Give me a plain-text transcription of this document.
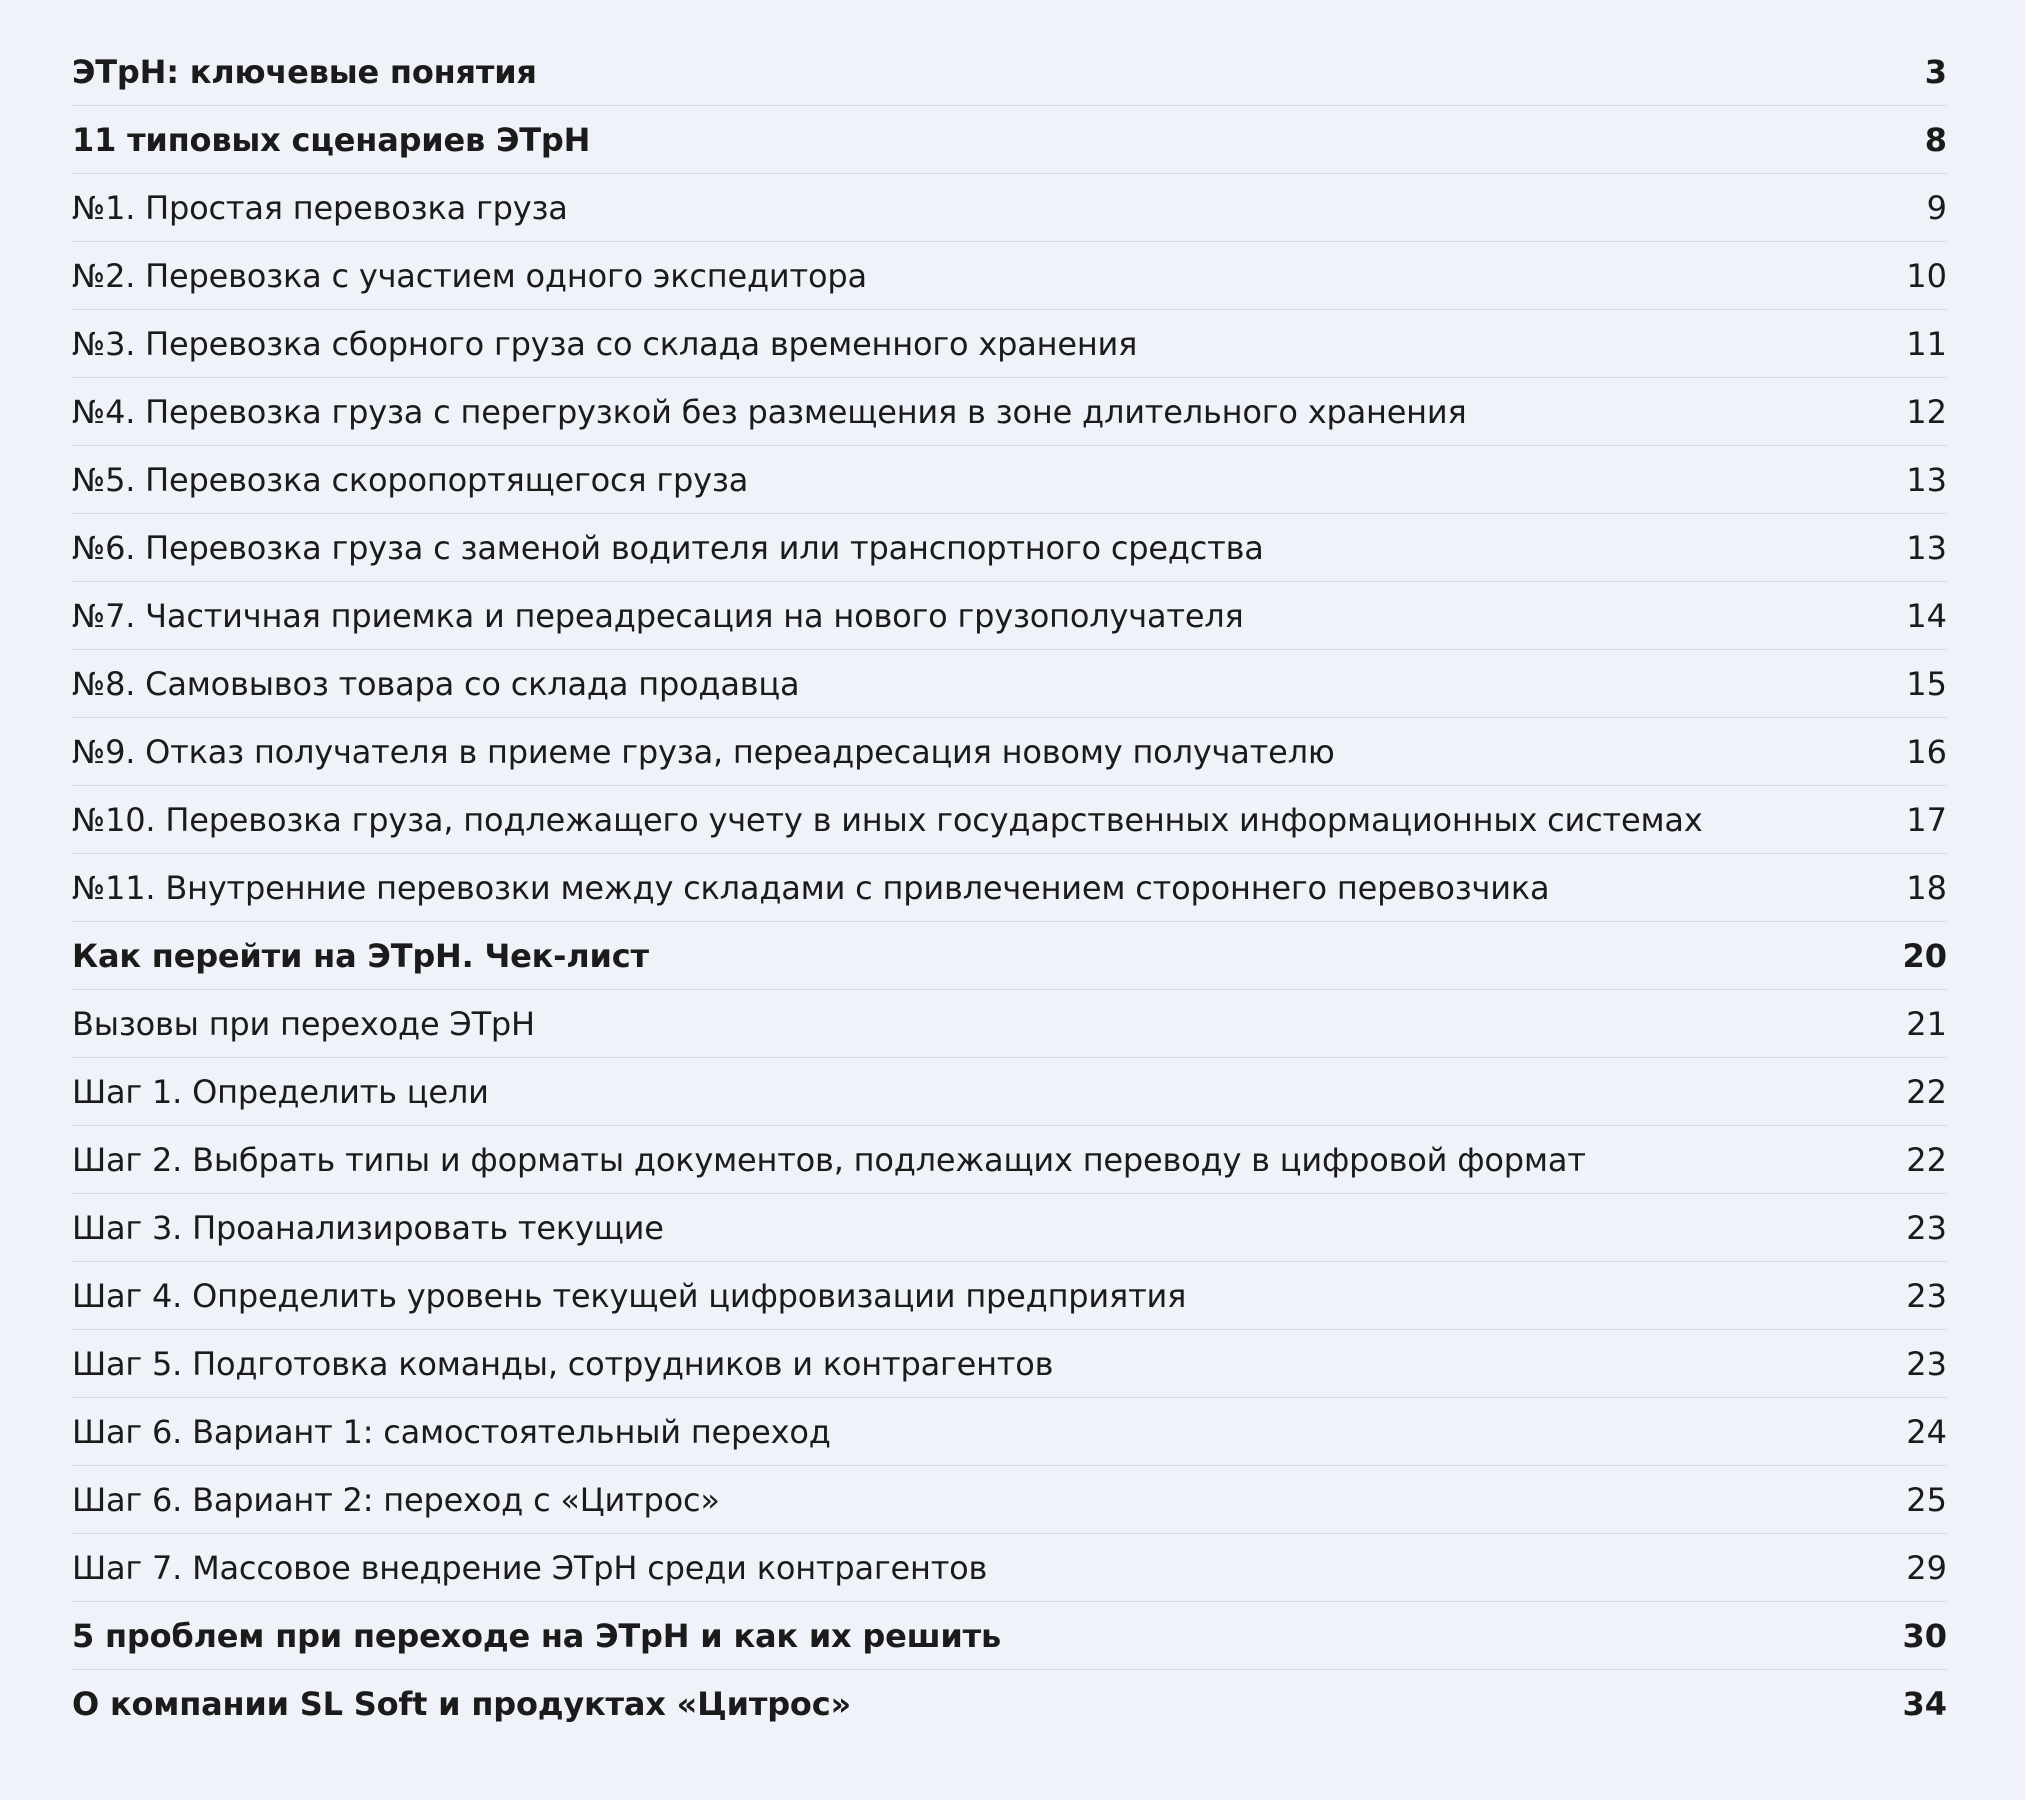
ЭТрН: ключевые понятия	3
11 типовых сценариев ЭТрН	8
№1. Простая перевозка груза	9
№2. Перевозка с участием одного экспедитора	10
№3. Перевозка сборного груза со склада временного хранения	11
№4. Перевозка груза с перегрузкой без размещения в зоне длительного хранения	12
№5. Перевозка скоропортящегося груза	13
№6. Перевозка груза с заменой водителя или транспортного средства	13
№7. Частичная приемка и переадресация на нового грузополучателя	14
№8. Самовывоз товара со склада продавца	15
№9. Отказ получателя в приеме груза, переадресация новому получателю	16
№10. Перевозка груза, подлежащего учету в иных государственных информационных системах	17
№11. Внутренние перевозки между складами с привлечением стороннего перевозчика	18
Как перейти на ЭТрН. Чек-лист	20
Вызовы при переходе ЭТрН	21
Шаг 1. Определить цели	22
Шаг 2. Выбрать типы и форматы документов, подлежащих переводу в цифровой формат	22
Шаг 3. Проанализировать текущие	23
Шаг 4. Определить уровень текущей цифровизации предприятия	23
Шаг 5. Подготовка команды, сотрудников и контрагентов	23
Шаг 6. Вариант 1: самостоятельный переход	24
Шаг 6. Вариант 2: переход с «Цитрос»	25
Шаг 7. Массовое внедрение ЭТрН среди контрагентов	29
5 проблем при переходе на ЭТрН и как их решить	30
О компании SL Soft и продуктах «Цитрос»	34
